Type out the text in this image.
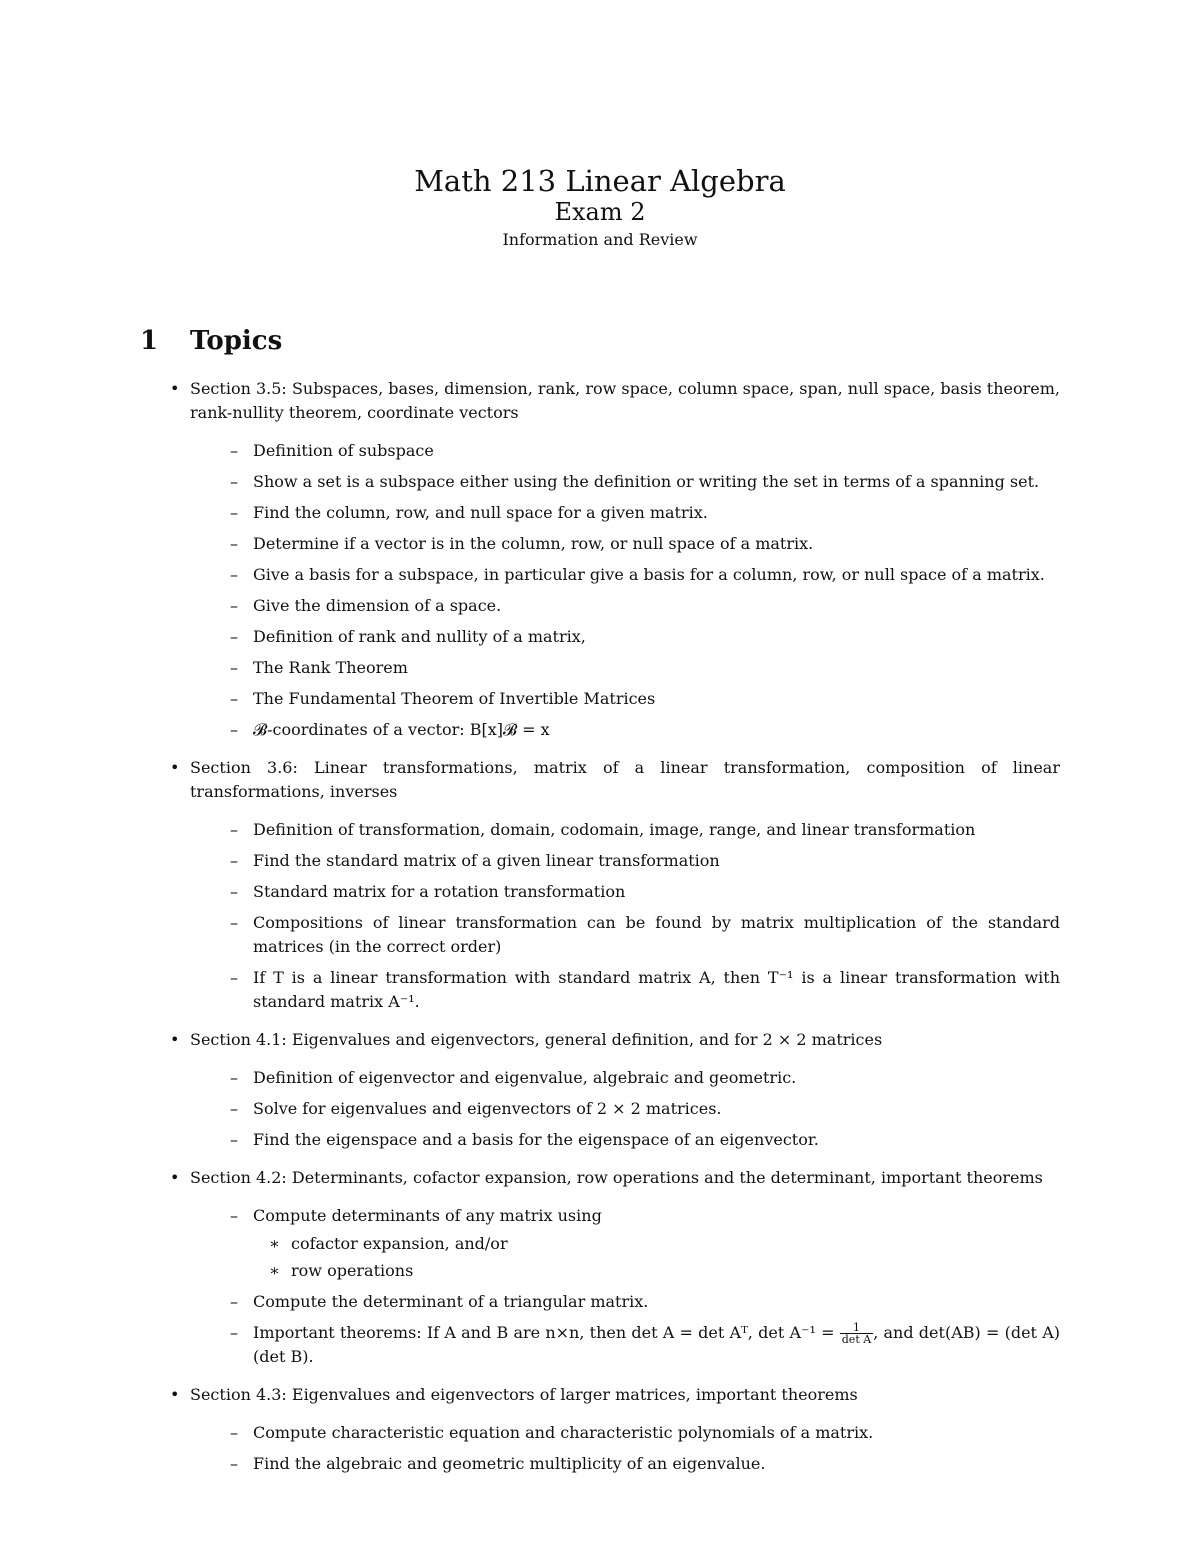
Math 213 Linear Algebra
Exam 2
Information and Review
1 Topics
• Section 3.5: Subspaces, bases, dimension, rank, row space, column space, span, null space, basis theorem, rank-nullity theorem, coordinate vectors
– Definition of subspace
– Show a set is a subspace either using the definition or writing the set in terms of a spanning set.
– Find the column, row, and null space for a given matrix.
– Determine if a vector is in the column, row, or null space of a matrix.
– Give a basis for a subspace, in particular give a basis for a column, row, or null space of a matrix.
– Give the dimension of a space.
– Definition of rank and nullity of a matrix,
– The Rank Theorem
– The Fundamental Theorem of Invertible Matrices
– 𝓑-coordinates of a vector: B[x]𝓑 = x
• Section 3.6: Linear transformations, matrix of a linear transformation, composition of linear transformations, inverses
– Definition of transformation, domain, codomain, image, range, and linear transformation
– Find the standard matrix of a given linear transformation
– Standard matrix for a rotation transformation
– Compositions of linear transformation can be found by matrix multiplication of the standard matrices (in the correct order)
– If T is a linear transformation with standard matrix A, then T⁻¹ is a linear transformation with standard matrix A⁻¹.
• Section 4.1: Eigenvalues and eigenvectors, general definition, and for 2 × 2 matrices
– Definition of eigenvector and eigenvalue, algebraic and geometric.
– Solve for eigenvalues and eigenvectors of 2 × 2 matrices.
– Find the eigenspace and a basis for the eigenspace of an eigenvector.
• Section 4.2: Determinants, cofactor expansion, row operations and the determinant, important theorems
– Compute determinants of any matrix using
∗ cofactor expansion, and/or
∗ row operations
– Compute the determinant of a triangular matrix.
– Important theorems: If A and B are n×n, then det A = det Aᵀ, $\det A^{-1} = \frac{1}{\text{det A}}$ , and det(AB) = (det A)(det B).
• Section 4.3: Eigenvalues and eigenvectors of larger matrices, important theorems
– Compute characteristic equation and characteristic polynomials of a matrix.
– Find the algebraic and geometric multiplicity of an eigenvalue.
